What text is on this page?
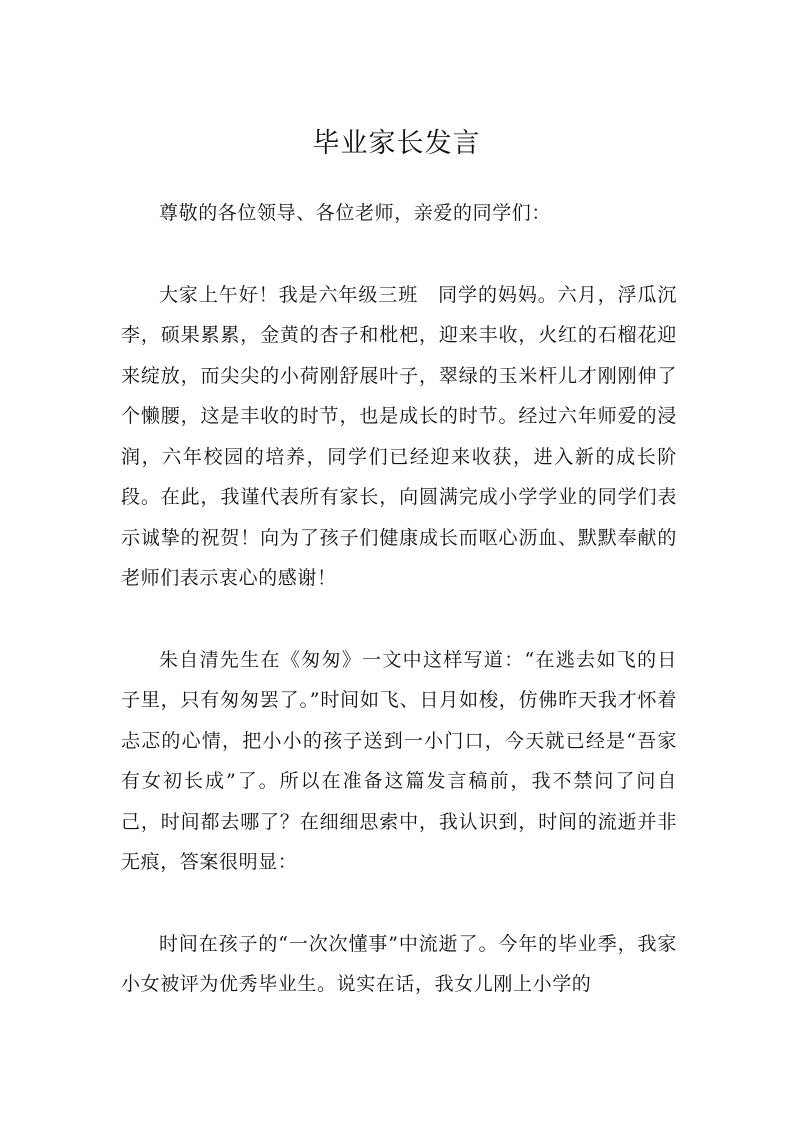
毕业家长发言

尊敬的各位领导、各位老师，亲爱的同学们：

大家上午好！我是六年级三班　同学的妈妈。六月，浮瓜沉李，硕果累累，金黄的杏子和枇杷，迎来丰收，火红的石榴花迎来绽放，而尖尖的小荷刚舒展叶子，翠绿的玉米杆儿才刚刚伸了个懒腰，这是丰收的时节，也是成长的时节。经过六年师爱的浸润，六年校园的培养，同学们已经迎来收获，进入新的成长阶段。在此，我谨代表所有家长，向圆满完成小学学业的同学们表示诚挚的祝贺！向为了孩子们健康成长而呕心沥血、默默奉献的老师们表示衷心的感谢！

朱自清先生在《匆匆》一文中这样写道：“在逃去如飞的日子里，只有匆匆罢了。”时间如飞、日月如梭，仿佛昨天我才怀着忐忑的心情，把小小的孩子送到一小门口，今天就已经是“吾家有女初长成”了。所以在准备这篇发言稿前，我不禁问了问自己，时间都去哪了？在细细思索中，我认识到，时间的流逝并非无痕，答案很明显：

时间在孩子的“一次次懂事”中流逝了。今年的毕业季，我家小女被评为优秀毕业生。说实在话，我女儿刚上小学的
